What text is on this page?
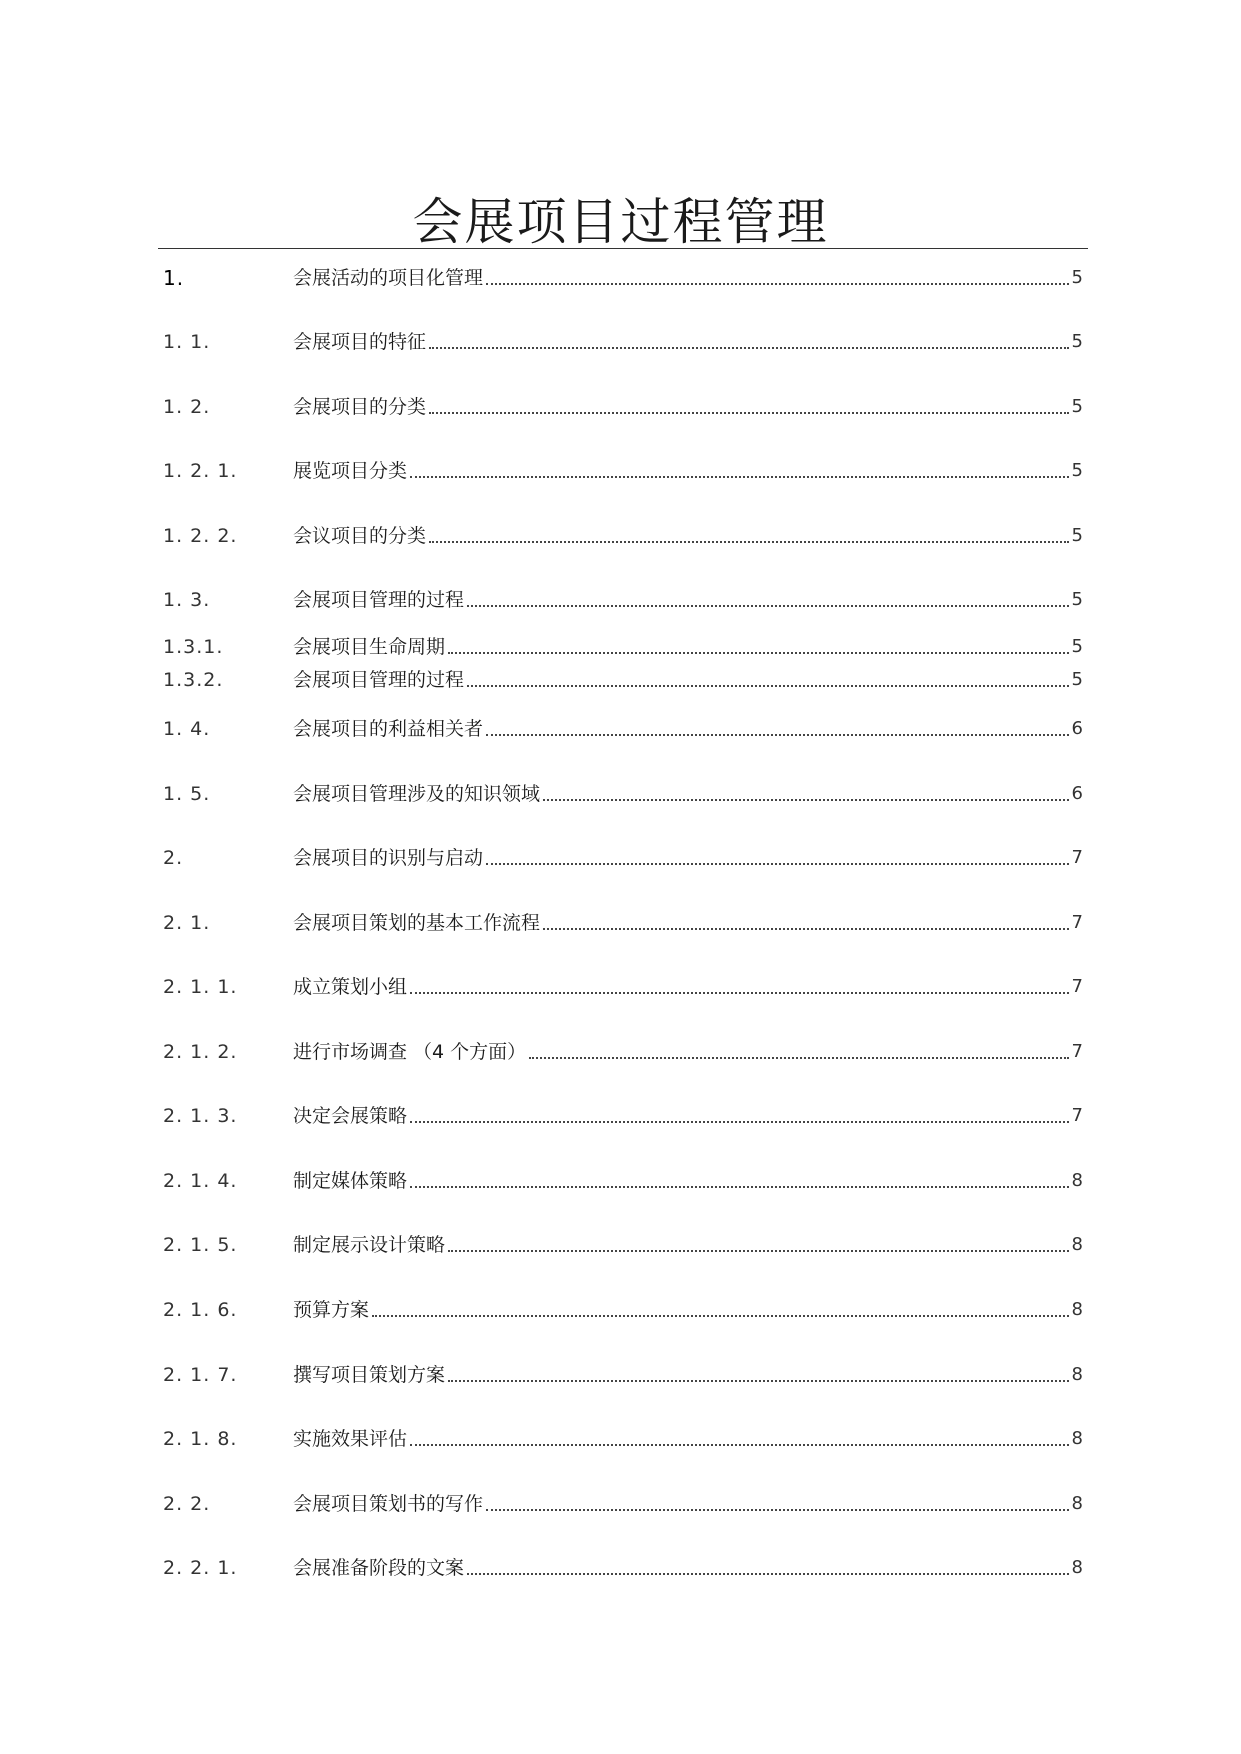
会展项目过程管理
1.	会展活动的项目化管理	5
1. 1.	会展项目的特征	5
1. 2.	会展项目的分类	5
1. 2. 1.	展览项目分类	5
1. 2. 2.	会议项目的分类	5
1. 3.	会展项目管理的过程	5
1.3.1.	会展项目生命周期	5
1.3.2.	会展项目管理的过程	5
1. 4.	会展项目的利益相关者	6
1. 5.	会展项目管理涉及的知识领域	6
2.	会展项目的识别与启动	7
2. 1.	会展项目策划的基本工作流程	7
2. 1. 1.	成立策划小组	7
2. 1. 2.	进行市场调查 （4 个方面）	7
2. 1. 3.	决定会展策略	7
2. 1. 4.	制定媒体策略	8
2. 1. 5.	制定展示设计策略	8
2. 1. 6.	预算方案	8
2. 1. 7.	撰写项目策划方案	8
2. 1. 8.	实施效果评估	8
2. 2.	会展项目策划书的写作	8
2. 2. 1.	会展准备阶段的文案	8
